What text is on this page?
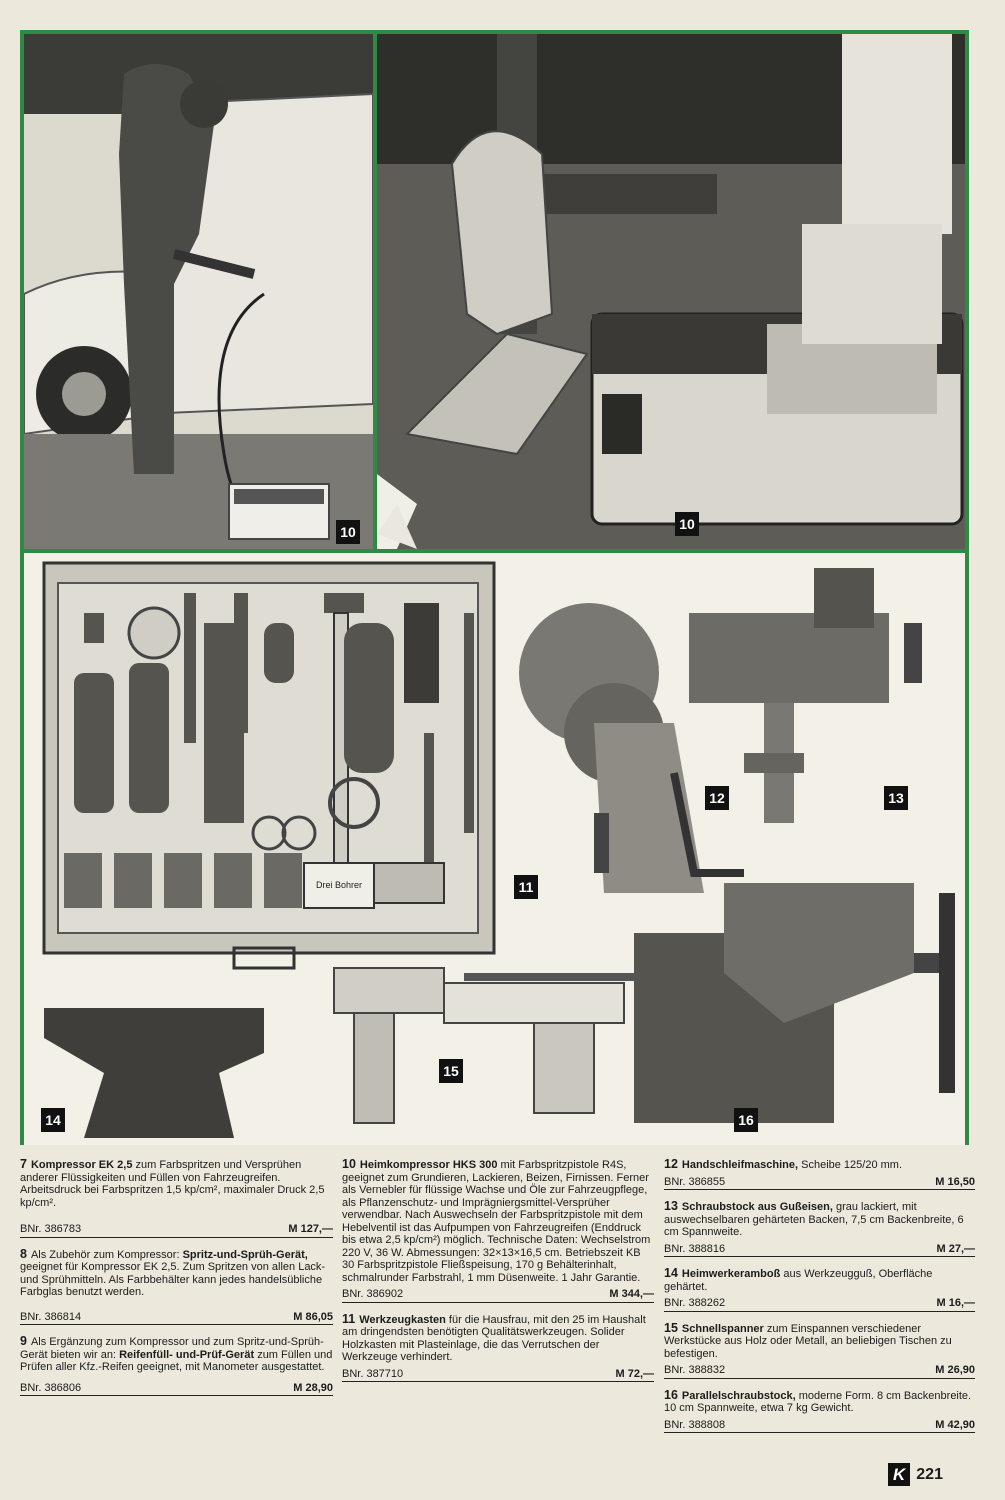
10	10
Drei Bohrer	11
12	13
14
15
16

7 Kompressor EK 2,5 zum Farbspritzen und Versprühen anderer Flüssigkeiten und Füllen von Fahrzeugreifen. Arbeitsdruck bei Farbspritzen 1,5 kp/cm², maximaler Druck 2,5 kp/cm².

BNr. 386783	M 127,—

8 Als Zubehör zum Kompressor: Spritz-und-Sprüh-Gerät, geeignet für Kompressor EK 2,5. Zum Spritzen von allen Lack- und Sprühmitteln. Als Farbbehälter kann jedes handelsübliche Farbglas benutzt werden.

BNr. 386814	M 86,05

9 Als Ergänzung zum Kompressor und zum Spritz-und-Sprüh-Gerät bieten wir an: Reifenfüll- und-Prüf-Gerät zum Füllen und Prüfen aller Kfz.-Reifen geeignet, mit Manometer ausgestattet.

BNr. 386806	M 28,90

10 Heimkompressor HKS 300 mit Farbspritzpistole R4S, geeignet zum Grundieren, Lackieren, Beizen, Firnissen. Ferner als Vernebler für flüssige Wachse und Öle zur Fahrzeugpflege, als Pflanzenschutz- und Imprägniergsmittel-Versprüher verwendbar. Nach Auswechseln der Farbspritzpistole mit dem Hebelventil ist das Aufpumpen von Fahrzeugreifen (Enddruck bis etwa 2,5 kp/cm²) möglich. Technische Daten: Wechselstrom 220 V, 36 W. Abmessungen: 32×13×16,5 cm. Betriebszeit KB 30 Farbspritzpistole Fließspeisung, 170 g Behälterinhalt, schmalrunder Farbstrahl, 1 mm Düsenweite. 1 Jahr Garantie.

BNr. 386902	M 344,—

11 Werkzeugkasten für die Hausfrau, mit den 25 im Haushalt am dringendsten benötigten Qualitätswerkzeugen. Solider Holzkasten mit Plasteinlage, die das Verrutschen der Werkzeuge verhindert.

BNr. 387710	M 72,—

12 Handschleifmaschine, Scheibe 125/20 mm.

BNr. 386855	M 16,50

13 Schraubstock aus Gußeisen, grau lackiert, mit auswechselbaren gehärteten Backen, 7,5 cm Backenbreite, 6 cm Spannweite.

BNr. 388816	M 27,—

14 Heimwerkeramboß aus Werkzeugguß, Oberfläche gehärtet.

BNr. 388262	M 16,—

15 Schnellspanner zum Einspannen verschiedener Werkstücke aus Holz oder Metall, an beliebigen Tischen zu befestigen.

BNr. 388832	M 26,90

16 Parallelschraubstock, moderne Form. 8 cm Backenbreite. 10 cm Spannweite, etwa 7 kg Gewicht.

BNr. 388808	M 42,90
K 221
